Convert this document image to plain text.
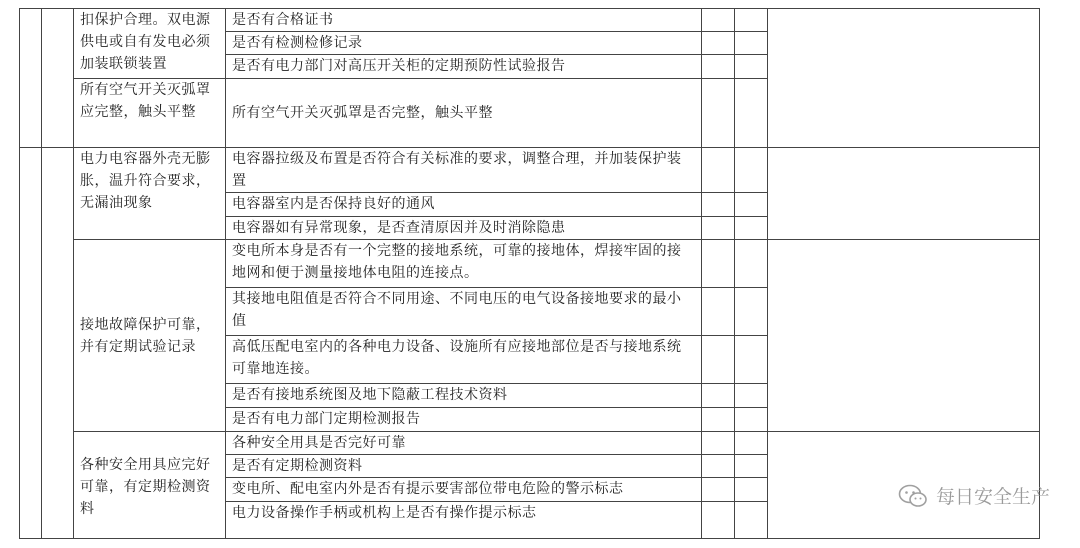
		扣保护合理。双电源供电或自有发电必须加装联锁装置	是否有合格证书			
			是否有检测检修记录			
			是否有电力部门对高压开关柜的定期预防性试验报告			
		所有空气开关灭弧罩应完整，触头平整	所有空气开关灭弧罩是否完整，触头平整			
		电力电容器外壳无膨胀，温升符合要求，无漏油现象	电容器拉级及布置是否符合有关标准的要求，调整合理，并加装保护装置			
			电容器室内是否保持良好的通风			
			电容器如有异常现象，是否查清原因并及时消除隐患			
		接地故障保护可靠，并有定期试验记录	变电所本身是否有一个完整的接地系统，可靠的接地体，焊接牢固的接地网和便于测量接地体电阻的连接点。			
			其接地电阻值是否符合不同用途、不同电压的电气设备接地要求的最小值			
			高低压配电室内的各种电力设备、设施所有应接地部位是否与接地系统可靠地连接。			
			是否有接地系统图及地下隐蔽工程技术资料			
			是否有电力部门定期检测报告			
		各种安全用具应完好可靠，有定期检测资料	各种安全用具是否完好可靠			
			是否有定期检测资料			
			变电所、配电室内外是否有提示要害部位带电危险的警示标志			
			电力设备操作手柄或机构上是否有操作提示标志			
每日安全生产
